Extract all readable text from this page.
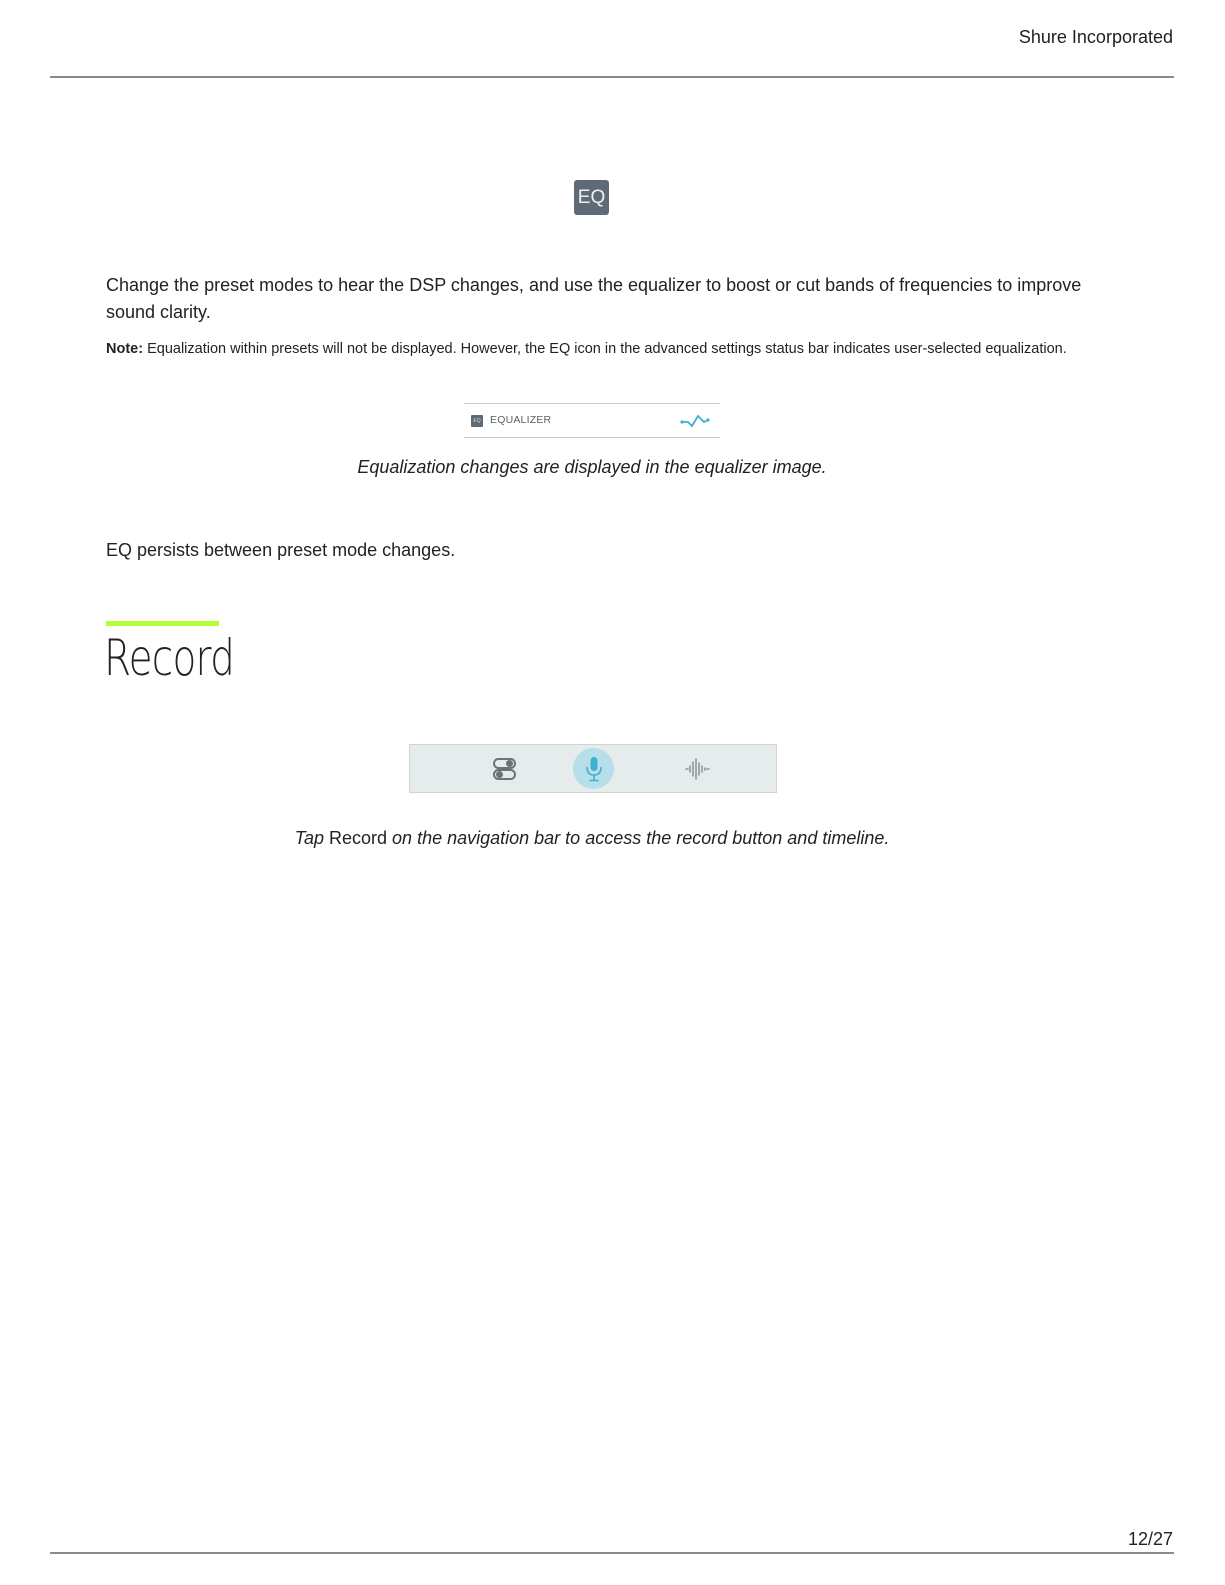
Shure Incorporated
EQ
Change the preset modes to hear the DSP changes, and use the equalizer to boost or cut bands of frequencies to improve sound clarity.
Note: Equalization within presets will not be displayed. However, the EQ icon in the advanced settings status bar indicates user-selected equalization.
EQ EQUALIZER
Equalization changes are displayed in the equalizer image.
EQ persists between preset mode changes.
Record
Tap Record on the navigation bar to access the record button and timeline.
12/27
